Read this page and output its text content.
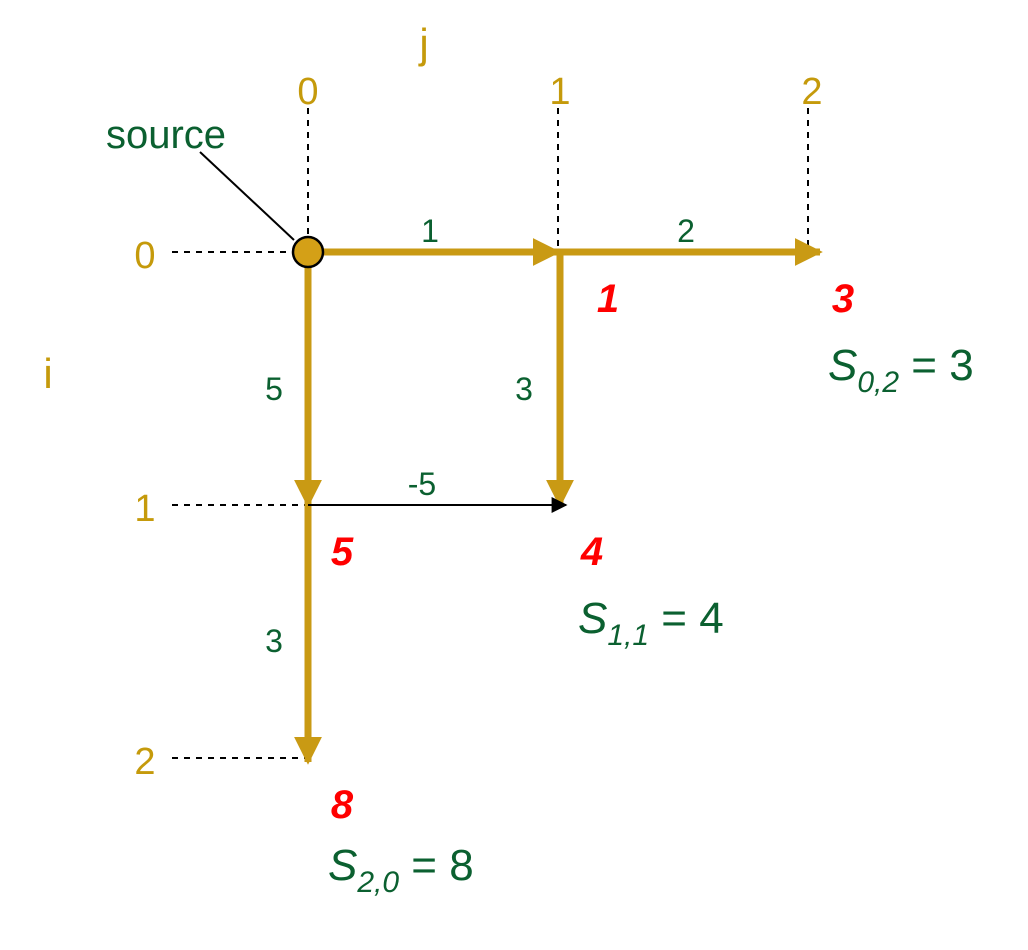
j
i
0	1	2
0
1
2
source
1	2
5	3
-5
3
1	3
5	4
8
$S_{0,2} = 3$
$S_{1,1} = 4$
$S_{2,0} = 8$
